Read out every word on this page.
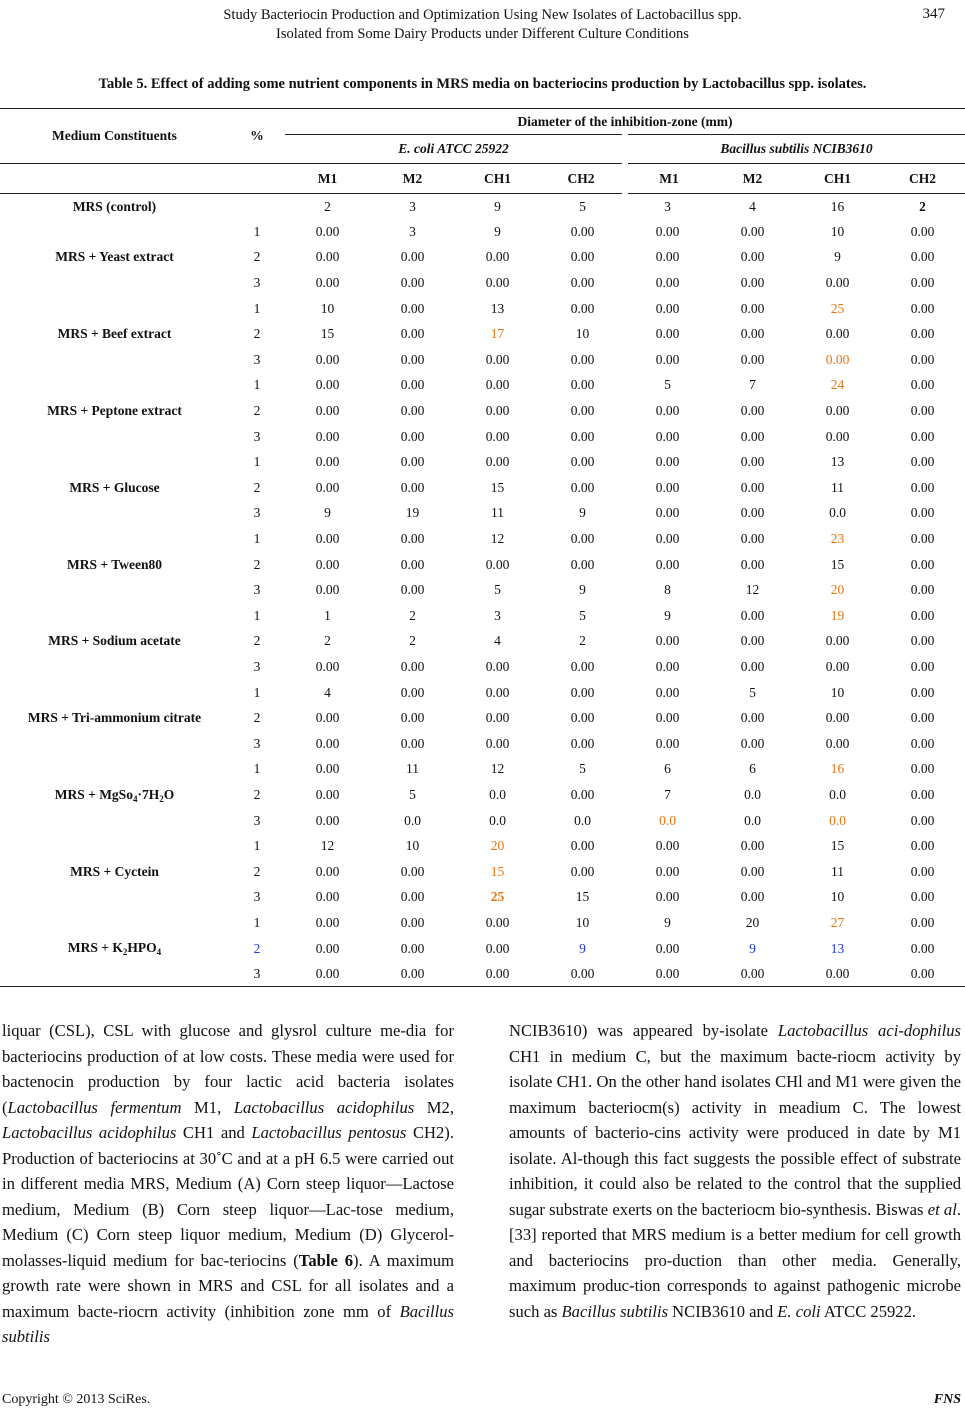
Study Bacteriocin Production and Optimization Using New Isolates of Lactobacillus spp.
Isolated from Some Dairy Products under Different Culture Conditions
347
Table 5. Effect of adding some nutrient components in MRS media on bacteriocins production by Lactobacillus spp. isolates.
Medium Constituents	%	Diameter of the inhibition-zone (mm)							
		E. coli ATCC 25922				Bacillus subtilis NCIB3610			
		M1	M2	CH1	CH2	M1	M2	CH1	CH2
MRS (control)		2	3	9	5	3	4	16	2
MRS + Yeast extract	1	0.00	3	9	0.00	0.00	0.00	10	0.00
	2	0.00	0.00	0.00	0.00	0.00	0.00	9	0.00
	3	0.00	0.00	0.00	0.00	0.00	0.00	0.00	0.00
MRS + Beef extract	1	10	0.00	13	0.00	0.00	0.00	25	0.00
	2	15	0.00	17	10	0.00	0.00	0.00	0.00
	3	0.00	0.00	0.00	0.00	0.00	0.00	0.00	0.00
MRS + Peptone extract	1	0.00	0.00	0.00	0.00	5	7	24	0.00
	2	0.00	0.00	0.00	0.00	0.00	0.00	0.00	0.00
	3	0.00	0.00	0.00	0.00	0.00	0.00	0.00	0.00
MRS + Glucose	1	0.00	0.00	0.00	0.00	0.00	0.00	13	0.00
	2	0.00	0.00	15	0.00	0.00	0.00	11	0.00
	3	9	19	11	9	0.00	0.00	0.0	0.00
MRS + Tween80	1	0.00	0.00	12	0.00	0.00	0.00	23	0.00
	2	0.00	0.00	0.00	0.00	0.00	0.00	15	0.00
	3	0.00	0.00	5	9	8	12	20	0.00
MRS + Sodium acetate	1	1	2	3	5	9	0.00	19	0.00
	2	2	2	4	2	0.00	0.00	0.00	0.00
	3	0.00	0.00	0.00	0.00	0.00	0.00	0.00	0.00
MRS + Tri-ammonium citrate	1	4	0.00	0.00	0.00	0.00	5	10	0.00
	2	0.00	0.00	0.00	0.00	0.00	0.00	0.00	0.00
	3	0.00	0.00	0.00	0.00	0.00	0.00	0.00	0.00
MRS + $MgSo_4\cdot 7H_2O$	1	0.00	11	12	5	6	6	16	0.00
	2	0.00	5	0.0	0.00	7	0.0	0.0	0.00
	3	0.00	0.0	0.0	0.0	0.0	0.0	0.0	0.00
MRS + Cyctein	1	12	10	20	0.00	0.00	0.00	15	0.00
	2	0.00	0.00	15	0.00	0.00	0.00	11	0.00
	3	0.00	0.00	25	15	0.00	0.00	10	0.00
MRS + $K_2HPO_4$	1	0.00	0.00	0.00	10	9	20	27	0.00
	2	0.00	0.00	0.00	9	0.00	9	13	0.00
	3	0.00	0.00	0.00	0.00	0.00	0.00	0.00	0.00

liquar (CSL), CSL with glucose and glysrol culture me-dia for bacteriocins production of at low costs. These media were used for bactenocin production by four lactic acid bacteria isolates (Lactobacillus fermentum M1, Lactobacillus acidophilus M2, Lactobacillus acidophilus CH1 and Lactobacillus pentosus CH2). Production of bacteriocins at 30˚C and at a pH 6.5 were carried out in different media MRS, Medium (A) Corn steep liquor—Lactose medium, Medium (B) Corn steep liquor—Lac-tose medium, Medium (C) Corn steep liquor medium, Medium (D) Glycerol-molasses-liquid medium for bac-teriocins (Table 6). A maximum growth rate were shown in MRS and CSL for all isolates and a maximum bacte-riocrn activity (inhibition zone mm of Bacillus subtilis

NCIB3610) was appeared by-isolate Lactobacillus aci-dophilus CH1 in medium C, but the maximum bacte-riocm activity by isolate CH1. On the other hand isolates CHl and M1 were given the maximum bacteriocm(s) activity in meadium C. The lowest amounts of bacterio-cins activity were produced in date by M1 isolate. Al-though this fact suggests the possible effect of substrate inhibition, it could also be related to the control that the supplied sugar substrate exerts on the bacteriocm bio-synthesis. Biswas et al. [33] reported that MRS medium is a better medium for cell growth and bacteriocins pro-duction than other media. Generally, maximum produc-tion corresponds to against pathogenic microbe such as Bacillus subtilis NCIB3610 and E. coli ATCC 25922.

Copyright © 2013 SciRes.	FNS
